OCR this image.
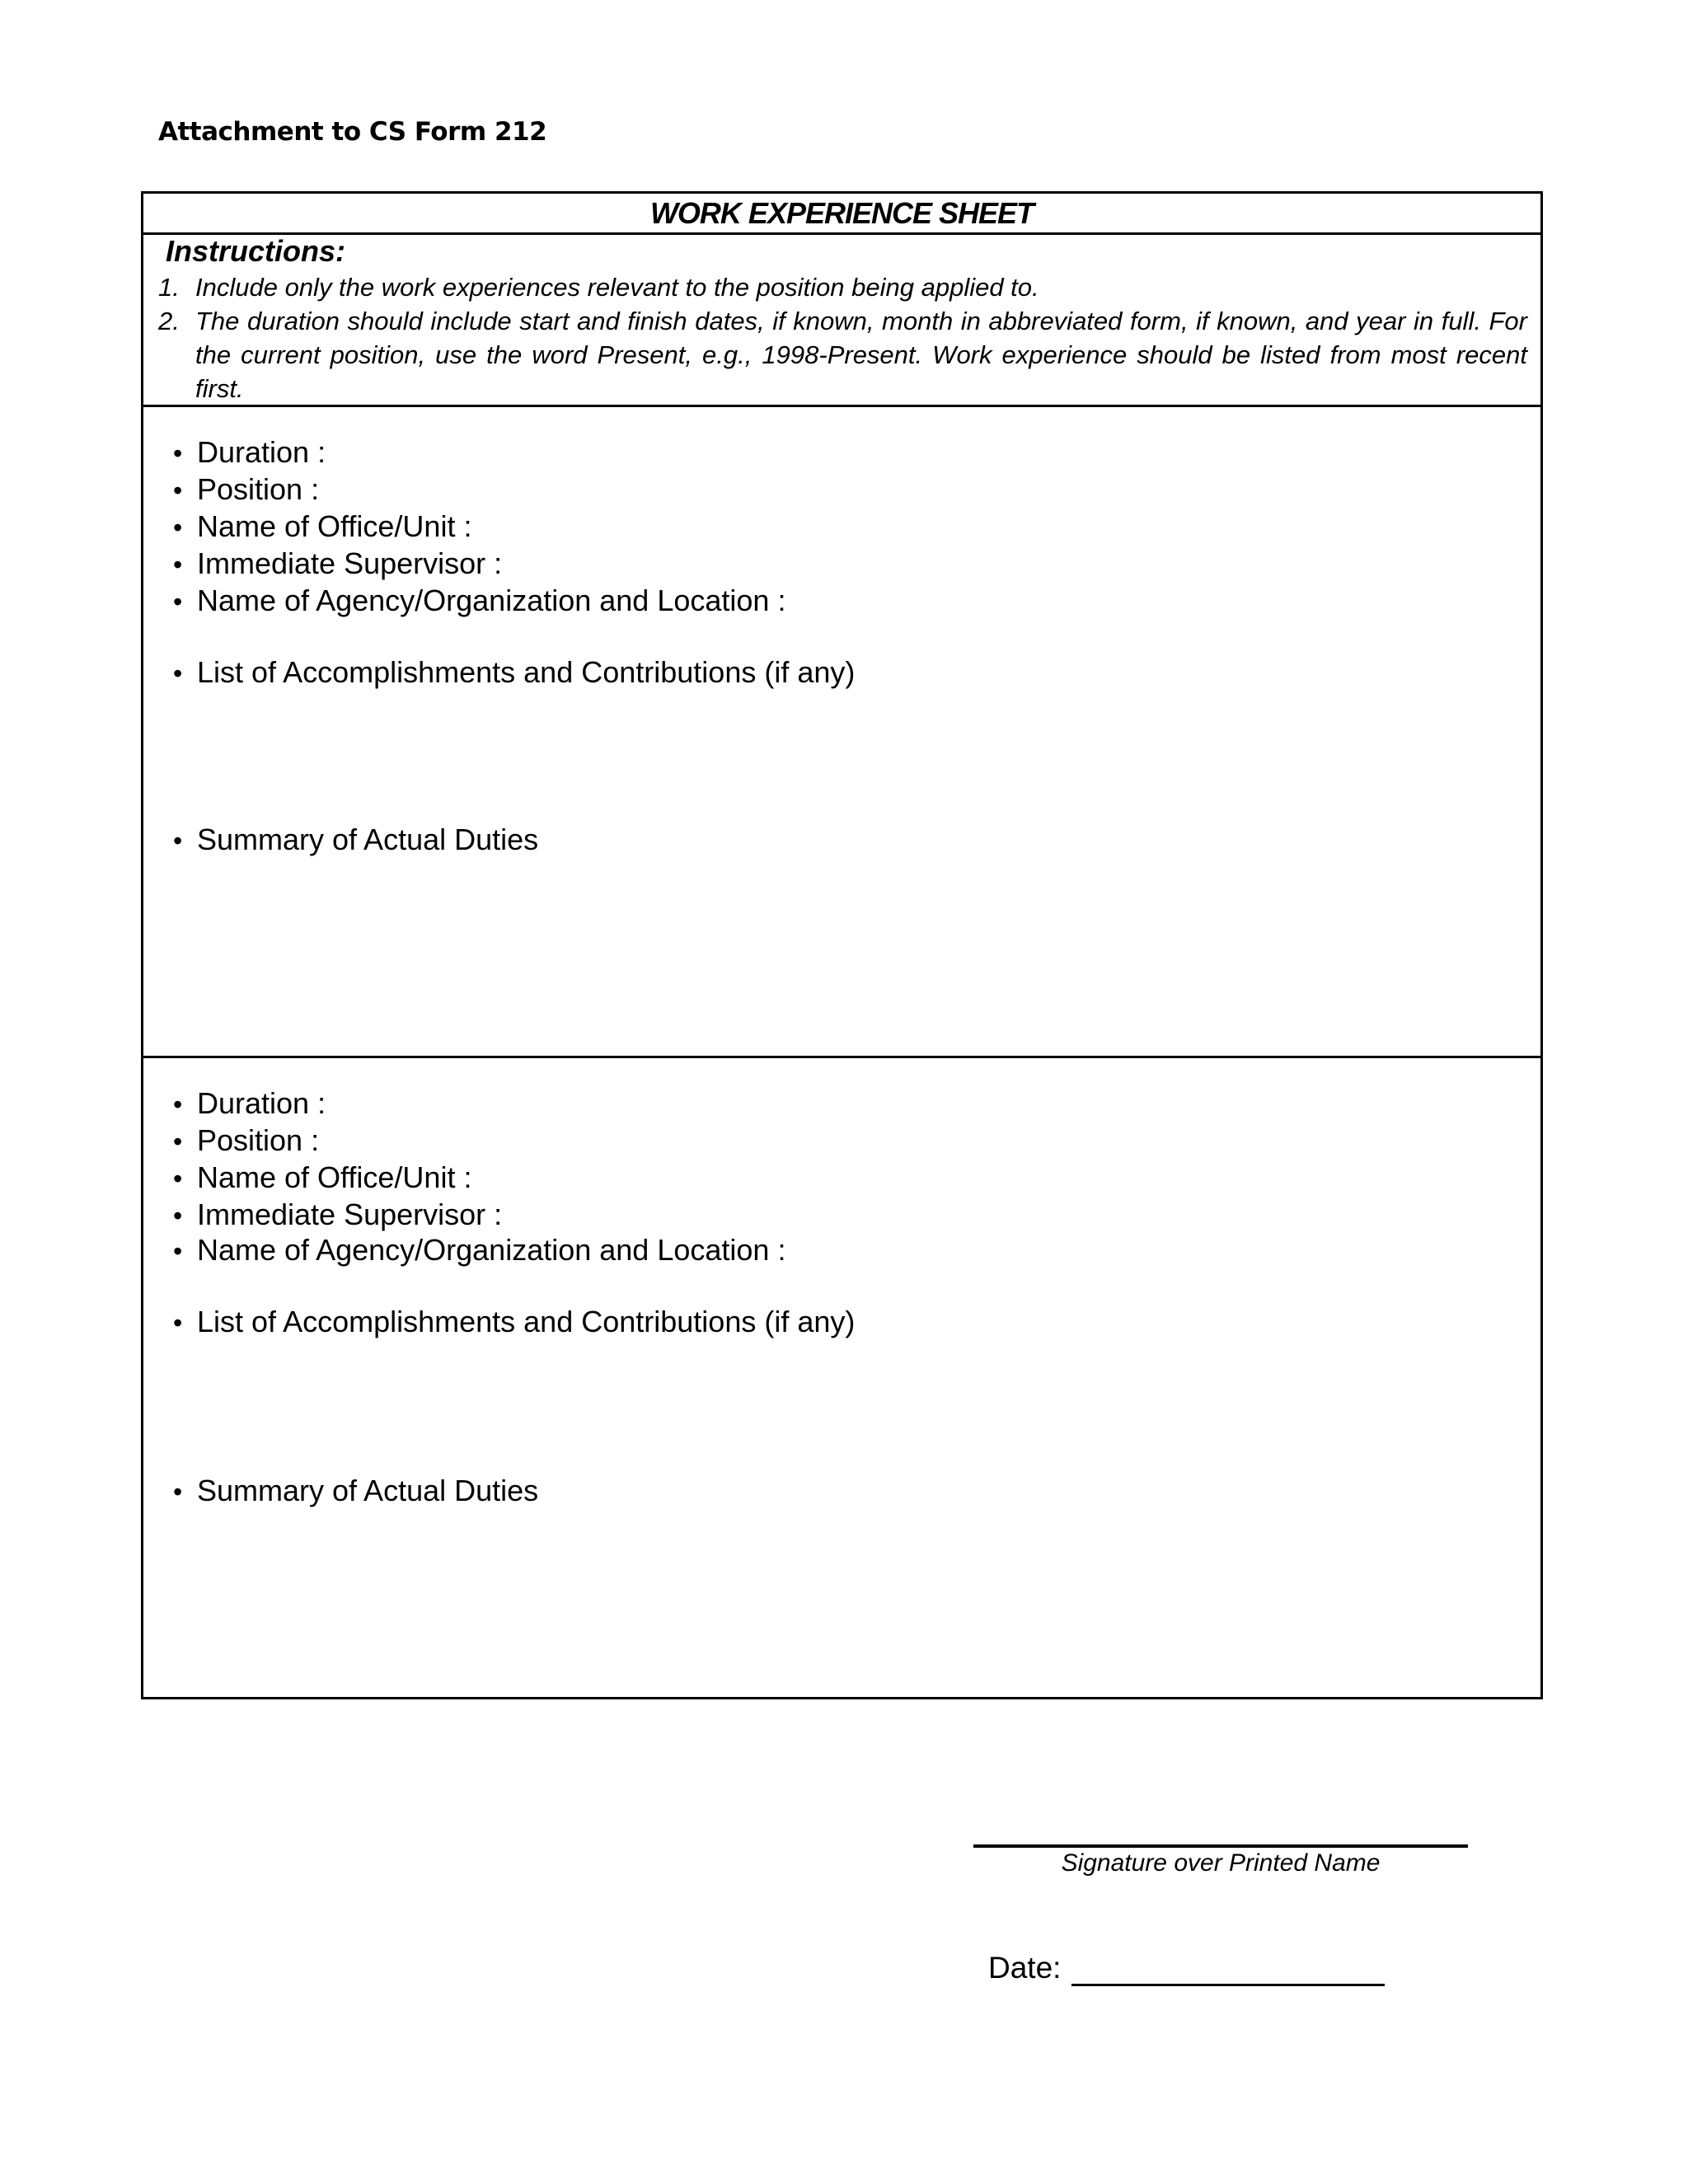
Attachment to CS Form 212
WORK EXPERIENCE SHEET
Instructions:
1. Include only the work experiences relevant to the position being applied to.
2. The duration should include start and finish dates, if known, month in abbreviated form, if known, and year in full. For the current position, use the word Present, e.g., 1998-Present. Work experience should be listed from most recent first.
• Duration :
• Position :
• Name of Office/Unit :
• Immediate Supervisor :
• Name of Agency/Organization and Location :
• List of Accomplishments and Contributions (if any)
• Summary of Actual Duties
• Duration :
• Position :
• Name of Office/Unit :
• Immediate Supervisor :
• Name of Agency/Organization and Location :
• List of Accomplishments and Contributions (if any)
• Summary of Actual Duties
Signature over Printed Name
Date:
